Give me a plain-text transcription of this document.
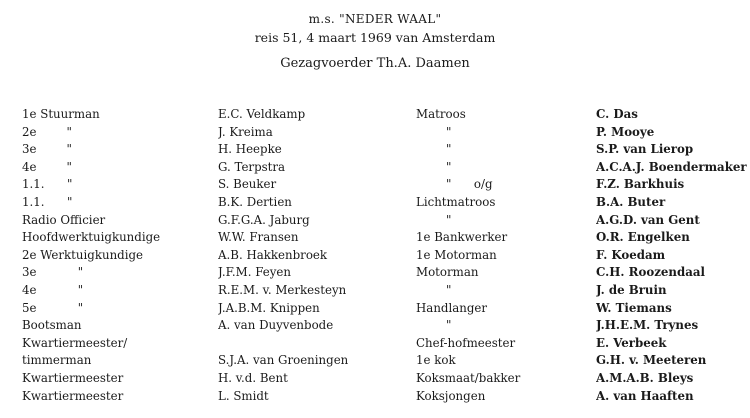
m.s. "NEDER WAAL"
reis 51, 4 maart 1969 van Amsterdam
Gezagvoerder Th.A. Daamen
1e Stuurman	E.C. Veldkamp	Matroos	C. Das
2e        "	J. Kreima	"	P. Mooye
3e        "	H. Heepke	"	S.P. van Lierop
4e        "	G. Terpstra	"	A.C.A.J. Boendermaker
1.1.      "	S. Beuker	"      o/g	F.Z. Barkhuis
1.1.      "	B.K. Dertien	Lichtmatroos	B.A. Buter
Radio Officier	G.F.G.A. Jaburg	"	A.G.D. van Gent
Hoofdwerktuigkundige	W.W. Fransen	1e Bankwerker	O.R. Engelken
2e Werktuigkundige	A.B. Hakkenbroek	1e Motorman	F. Koedam
3e           "	J.F.M. Feyen	Motorman	C.H. Roozendaal
4e           "	R.E.M. v. Merkesteyn	"	J. de Bruin
5e           "	J.A.B.M. Knippen	Handlanger	W. Tiemans
Bootsman	A. van Duyvenbode	"	J.H.E.M. Trynes
Kwartiermeester/		Chef-hofmeester	E. Verbeek
timmerman	S.J.A. van Groeningen	1e kok	G.H. v. Meeteren
Kwartiermeester	H. v.d. Bent	Koksmaat/bakker	A.M.A.B. Bleys
Kwartiermeester	L. Smidt	Koksjongen	A. van Haaften
